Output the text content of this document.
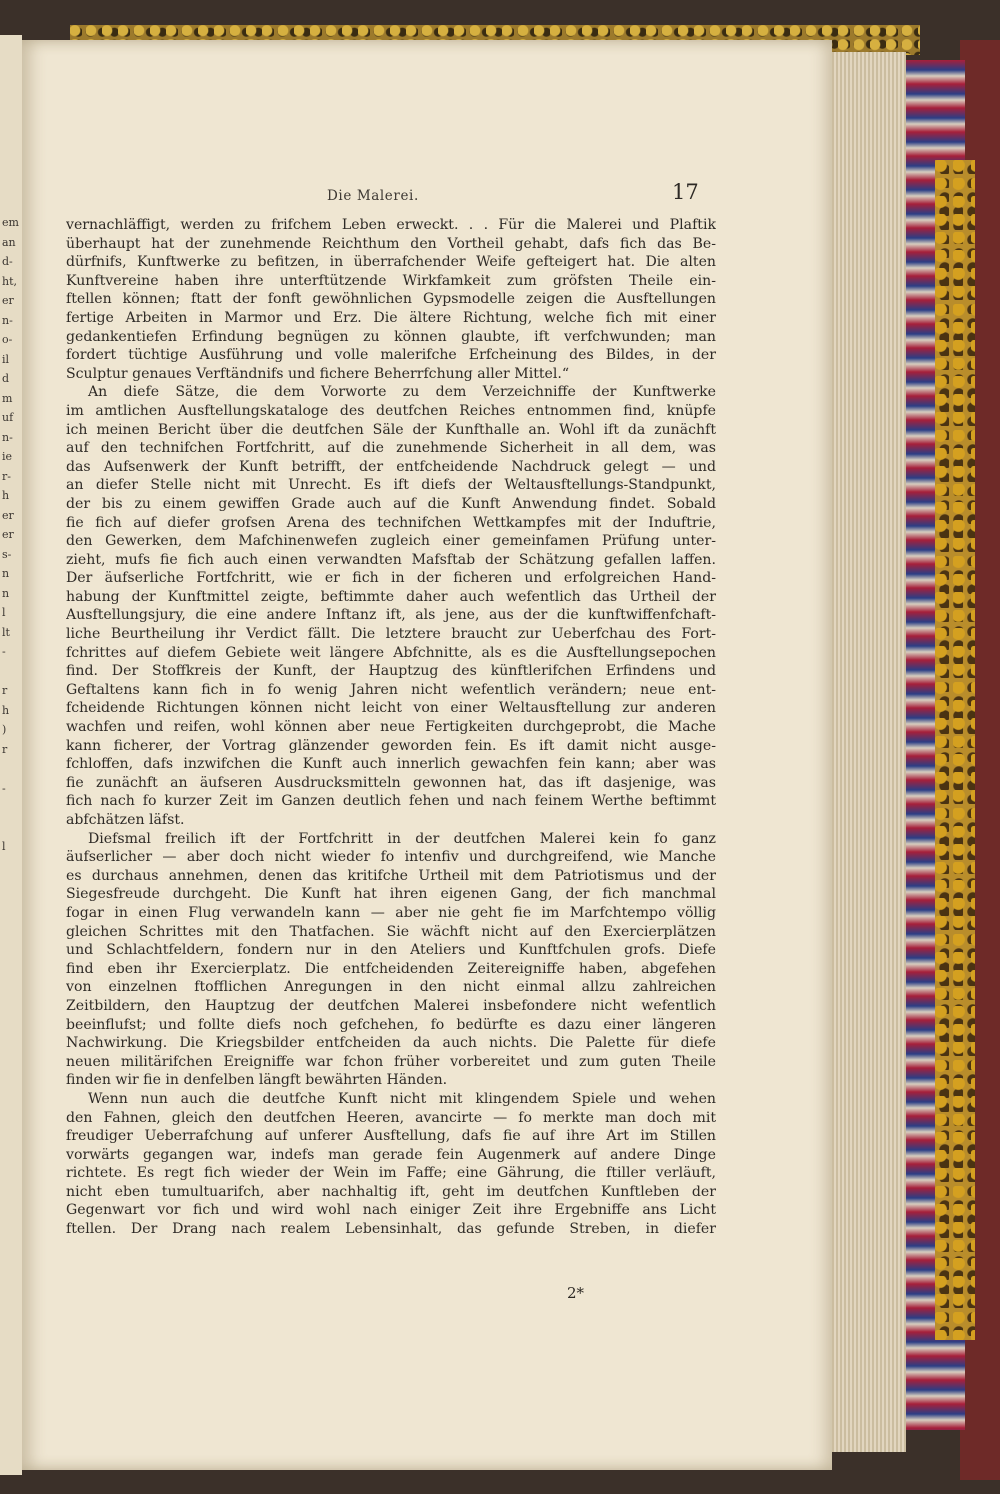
em
an
d-
ht,
er
n-
o-
il
d
m
uf
n-
ie
r-
h
er
er
s-
n
n
l
lt
-

r
h
)
r

-

l
Die Malerei.	17
vernachläffigt, werden zu frifchem Leben erweckt. . . Für die Malerei und Plaftik
überhaupt hat der zunehmende Reichthum den Vortheil gehabt, dafs fich das Be-
dürfnifs, Kunftwerke zu befitzen, in überrafchender Weife gefteigert hat. Die alten
Kunftvereine haben ihre unterftützende Wirkfamkeit zum gröfsten Theile ein-
ftellen können; ftatt der fonft gewöhnlichen Gypsmodelle zeigen die Ausftellungen
fertige Arbeiten in Marmor und Erz. Die ältere Richtung, welche fich mit einer
gedankentiefen Erfindung begnügen zu können glaubte, ift verfchwunden; man
fordert tüchtige Ausführung und volle malerifche Erfcheinung des Bildes, in der
Sculptur genaues Verftändnifs und fichere Beherrfchung aller Mittel.“
An diefe Sätze, die dem Vorworte zu dem Verzeichniffe der Kunftwerke
im amtlichen Ausftellungskataloge des deutfchen Reiches entnommen find, knüpfe
ich meinen Bericht über die deutfchen Säle der Kunfthalle an. Wohl ift da zunächft
auf den technifchen Fortfchritt, auf die zunehmende Sicherheit in all dem, was
das Aufsenwerk der Kunft betrifft, der entfcheidende Nachdruck gelegt — und
an diefer Stelle nicht mit Unrecht. Es ift diefs der Weltausftellungs-Standpunkt,
der bis zu einem gewiffen Grade auch auf die Kunft Anwendung findet. Sobald
fie fich auf diefer grofsen Arena des technifchen Wettkampfes mit der Induftrie,
den Gewerken, dem Mafchinenwefen zugleich einer gemeinfamen Prüfung unter-
zieht, mufs fie fich auch einen verwandten Mafsftab der Schätzung gefallen laffen.
Der äufserliche Fortfchritt, wie er fich in der ficheren und erfolgreichen Hand-
habung der Kunftmittel zeigte, beftimmte daher auch wefentlich das Urtheil der
Ausftellungsjury, die eine andere Inftanz ift, als jene, aus der die kunftwiffenfchaft-
liche Beurtheilung ihr Verdict fällt. Die letztere braucht zur Ueberfchau des Fort-
fchrittes auf diefem Gebiete weit längere Abfchnitte, als es die Ausftellungsepochen
find. Der Stoffkreis der Kunft, der Hauptzug des künftlerifchen Erfindens und
Geftaltens kann fich in fo wenig Jahren nicht wefentlich verändern; neue ent-
fcheidende Richtungen können nicht leicht von einer Weltausftellung zur anderen
wachfen und reifen, wohl können aber neue Fertigkeiten durchgeprobt, die Mache
kann ficherer, der Vortrag glänzender geworden fein. Es ift damit nicht ausge-
fchloffen, dafs inzwifchen die Kunft auch innerlich gewachfen fein kann; aber was
fie zunächft an äufseren Ausdrucksmitteln gewonnen hat, das ift dasjenige, was
fich nach fo kurzer Zeit im Ganzen deutlich fehen und nach feinem Werthe beftimmt
abfchätzen läfst.
Diefsmal freilich ift der Fortfchritt in der deutfchen Malerei kein fo ganz
äufserlicher — aber doch nicht wieder fo intenfiv und durchgreifend, wie Manche
es durchaus annehmen, denen das kritifche Urtheil mit dem Patriotismus und der
Siegesfreude durchgeht. Die Kunft hat ihren eigenen Gang, der fich manchmal
fogar in einen Flug verwandeln kann — aber nie geht fie im Marfchtempo völlig
gleichen Schrittes mit den Thatfachen. Sie wächft nicht auf den Exercierplätzen
und Schlachtfeldern, fondern nur in den Ateliers und Kunftfchulen grofs. Diefe
find eben ihr Exercierplatz. Die entfcheidenden Zeitereigniffe haben, abgefehen
von einzelnen ftofflichen Anregungen in den nicht einmal allzu zahlreichen
Zeitbildern, den Hauptzug der deutfchen Malerei insbefondere nicht wefentlich
beeinflufst; und follte diefs noch gefchehen, fo bedürfte es dazu einer längeren
Nachwirkung. Die Kriegsbilder entfcheiden da auch nichts. Die Palette für diefe
neuen militärifchen Ereigniffe war fchon früher vorbereitet und zum guten Theile
finden wir fie in denfelben längft bewährten Händen.
Wenn nun auch die deutfche Kunft nicht mit klingendem Spiele und wehen
den Fahnen, gleich den deutfchen Heeren, avancirte — fo merkte man doch mit
freudiger Ueberrafchung auf unferer Ausftellung, dafs fie auf ihre Art im Stillen
vorwärts gegangen war, indefs man gerade fein Augenmerk auf andere Dinge
richtete. Es regt fich wieder der Wein im Faffe; eine Gährung, die ftiller verläuft,
nicht eben tumultuarifch, aber nachhaltig ift, geht im deutfchen Kunftleben der
Gegenwart vor fich und wird wohl nach einiger Zeit ihre Ergebniffe ans Licht
ftellen. Der Drang nach realem Lebensinhalt, das gefunde Streben, in diefer
2*
